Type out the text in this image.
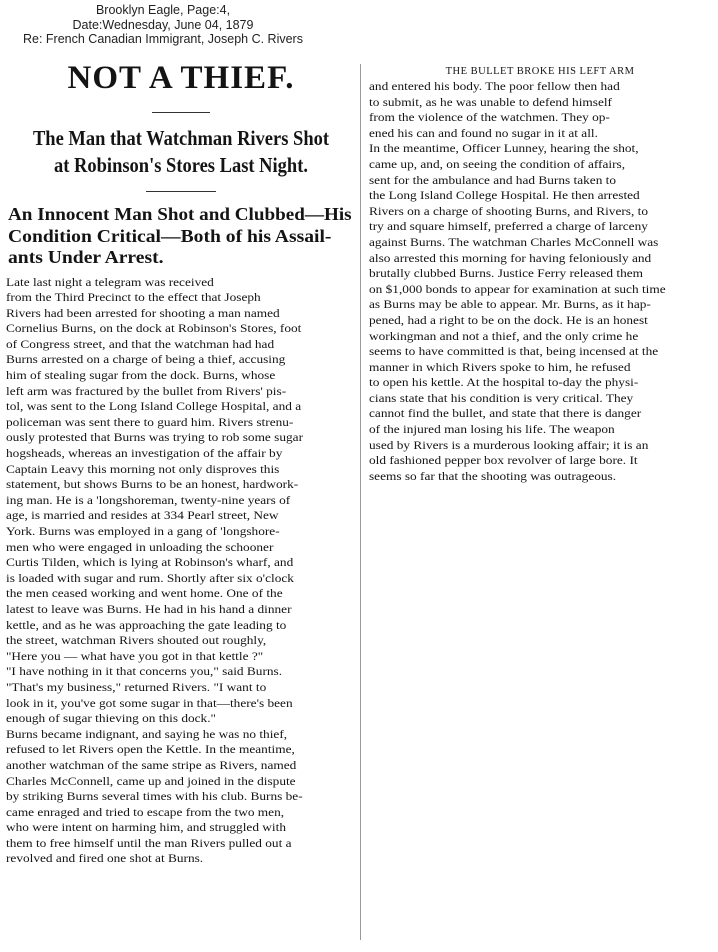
Brooklyn Eagle, Page:4,
Date:Wednesday, June 04, 1879
Re: French Canadian Immigrant, Joseph C. Rivers
NOT A THIEF.
The Man that Watchman Rivers Shot
at Robinson's Stores Last Night.
An Innocent Man Shot and Clubbed—His
Condition Critical—Both of his Assail-
ants Under Arrest.
Late last night a telegram was received
from the Third Precinct to the effect that Joseph
Rivers had been arrested for shooting a man named
Cornelius Burns, on the dock at Robinson's Stores, foot
of Congress street, and that the watchman had had
Burns arrested on a charge of being a thief, accusing
him of stealing sugar from the dock. Burns, whose
left arm was fractured by the bullet from Rivers' pis-
tol, was sent to the Long Island College Hospital, and a
policeman was sent there to guard him. Rivers strenu-
ously protested that Burns was trying to rob some sugar
hogsheads, whereas an investigation of the affair by
Captain Leavy this morning not only disproves this
statement, but shows Burns to be an honest, hardwork-
ing man. He is a 'longshoreman, twenty-nine years of
age, is married and resides at 334 Pearl street, New
York. Burns was employed in a gang of 'longshore-
men who were engaged in unloading the schooner
Curtis Tilden, which is lying at Robinson's wharf, and
is loaded with sugar and rum. Shortly after six o'clock
the men ceased working and went home. One of the
latest to leave was Burns. He had in his hand a dinner
kettle, and as he was approaching the gate leading to
the street, watchman Rivers shouted out roughly,
"Here you — what have you got in that kettle ?"
"I have nothing in it that concerns you," said Burns.
"That's my business," returned Rivers. "I want to
look in it, you've got some sugar in that—there's been
enough of sugar thieving on this dock."
Burns became indignant, and saying he was no thief,
refused to let Rivers open the Kettle. In the meantime,
another watchman of the same stripe as Rivers, named
Charles McConnell, came up and joined in the dispute
by striking Burns several times with his club. Burns be-
came enraged and tried to escape from the two men,
who were intent on harming him, and struggled with
them to free himself until the man Rivers pulled out a
revolved and fired one shot at Burns.
THE BULLET BROKE HIS LEFT ARM
and entered his body. The poor fellow then had
to submit, as he was unable to defend himself
from the violence of the watchmen. They op-
ened his can and found no sugar in it at all.
In the meantime, Officer Lunney, hearing the shot,
came up, and, on seeing the condition of affairs,
sent for the ambulance and had Burns taken to
the Long Island College Hospital. He then arrested
Rivers on a charge of shooting Burns, and Rivers, to
try and square himself, preferred a charge of larceny
against Burns. The watchman Charles McConnell was
also arrested this morning for having feloniously and
brutally clubbed Burns. Justice Ferry released them
on $1,000 bonds to appear for examination at such time
as Burns may be able to appear. Mr. Burns, as it hap-
pened, had a right to be on the dock. He is an honest
workingman and not a thief, and the only crime he
seems to have committed is that, being incensed at the
manner in which Rivers spoke to him, he refused
to open his kettle. At the hospital to-day the physi-
cians state that his condition is very critical. They
cannot find the bullet, and state that there is danger
of the injured man losing his life. The weapon
used by Rivers is a murderous looking affair; it is an
old fashioned pepper box revolver of large bore. It
seems so far that the shooting was outrageous.
